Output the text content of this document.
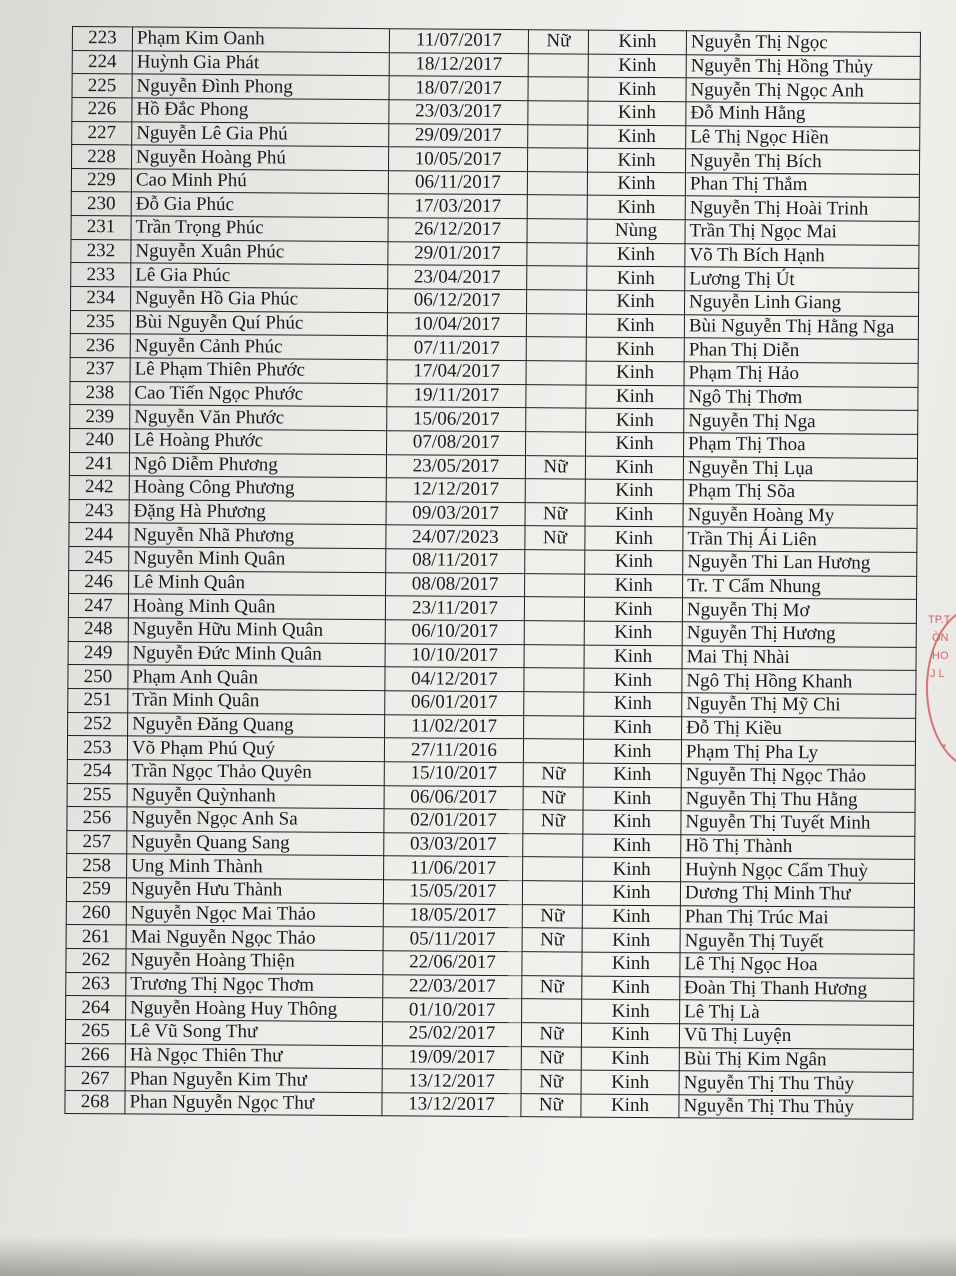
223	Phạm Kim Oanh	11/07/2017	Nữ	Kinh	Nguyễn Thị Ngọc
224	Huỳnh Gia Phát	18/12/2017		Kinh	Nguyễn Thị Hồng Thủy
225	Nguyễn Đình Phong	18/07/2017		Kinh	Nguyễn Thị Ngọc Anh
226	Hồ Đắc Phong	23/03/2017		Kinh	Đỗ Minh Hằng
227	Nguyễn Lê Gia Phú	29/09/2017		Kinh	Lê Thị Ngọc Hiền
228	Nguyễn Hoàng Phú	10/05/2017		Kinh	Nguyễn Thị Bích
229	Cao Minh Phú	06/11/2017		Kinh	Phan Thị Thắm
230	Đỗ Gia Phúc	17/03/2017		Kinh	Nguyễn Thị Hoài Trinh
231	Trần Trọng Phúc	26/12/2017		Nùng	Trần Thị Ngọc Mai
232	Nguyễn Xuân Phúc	29/01/2017		Kinh	Võ Th Bích Hạnh
233	Lê Gia Phúc	23/04/2017		Kinh	Lương Thị Út
234	Nguyễn Hồ Gia Phúc	06/12/2017		Kinh	Nguyễn Linh Giang
235	Bùi Nguyễn Quí Phúc	10/04/2017		Kinh	Bùi Nguyễn Thị Hằng Nga
236	Nguyễn Cảnh Phúc	07/11/2017		Kinh	Phan Thị Diễn
237	Lê Phạm Thiên Phước	17/04/2017		Kinh	Phạm Thị Hảo
238	Cao Tiến Ngọc Phước	19/11/2017		Kinh	Ngô Thị Thơm
239	Nguyễn Văn Phước	15/06/2017		Kinh	Nguyễn Thị Nga
240	Lê Hoàng Phước	07/08/2017		Kinh	Phạm Thị Thoa
241	Ngô Diễm Phương	23/05/2017	Nữ	Kinh	Nguyễn Thị Lụa
242	Hoàng Công Phương	12/12/2017		Kinh	Phạm Thị Sõa
243	Đặng Hà Phương	09/03/2017	Nữ	Kinh	Nguyễn Hoàng My
244	Nguyễn Nhã Phương	24/07/2023	Nữ	Kinh	Trần Thị Ái Liên
245	Nguyễn Minh Quân	08/11/2017		Kinh	Nguyễn Thi Lan Hương
246	Lê Minh Quân	08/08/2017		Kinh	Tr. T Cẩm Nhung
247	Hoàng Minh Quân	23/11/2017		Kinh	Nguyễn Thị Mơ
248	Nguyễn Hữu Minh Quân	06/10/2017		Kinh	Nguyễn Thị Hương
249	Nguyễn Đức Minh Quân	10/10/2017		Kinh	Mai Thị Nhài
250	Phạm Anh Quân	04/12/2017		Kinh	Ngô Thị Hồng Khanh
251	Trần Minh Quân	06/01/2017		Kinh	Nguyễn Thị Mỹ Chi
252	Nguyễn Đăng Quang	11/02/2017		Kinh	Đỗ Thị Kiều
253	Võ Phạm Phú Quý	27/11/2016		Kinh	Phạm Thị Pha Ly
254	Trần Ngọc Thảo Quyên	15/10/2017	Nữ	Kinh	Nguyễn Thị Ngọc Thảo
255	Nguyễn Quỳnhanh	06/06/2017	Nữ	Kinh	Nguyễn Thị Thu Hằng
256	Nguyễn Ngọc Anh Sa	02/01/2017	Nữ	Kinh	Nguyễn Thị Tuyết Minh
257	Nguyễn Quang Sang	03/03/2017		Kinh	Hồ Thị Thành
258	Ung Minh Thành	11/06/2017		Kinh	Huỳnh Ngọc Cẩm Thuỳ
259	Nguyễn Hưu Thành	15/05/2017		Kinh	Dương Thị Minh Thư
260	Nguyễn Ngọc Mai Thảo	18/05/2017	Nữ	Kinh	Phan Thị Trúc Mai
261	Mai Nguyễn Ngọc Thảo	05/11/2017	Nữ	Kinh	Nguyễn Thị Tuyết
262	Nguyễn Hoàng Thiện	22/06/2017		Kinh	Lê Thị Ngọc Hoa
263	Trương Thị Ngọc Thơm	22/03/2017	Nữ	Kinh	Đoàn Thị Thanh Hương
264	Nguyễn Hoàng Huy Thông	01/10/2017		Kinh	Lê Thị Là
265	Lê Vũ Song Thư	25/02/2017	Nữ	Kinh	Vũ Thị Luyện
266	Hà Ngọc Thiên Thư	19/09/2017	Nữ	Kinh	Bùi Thị Kim Ngân
267	Phan Nguyễn Kim Thư	13/12/2017	Nữ	Kinh	Nguyễn Thị Thu Thủy
268	Phan Nguyễn Ngọc Thư	13/12/2017	Nữ	Kinh	Nguyễn Thị Thu Thủy
TP.T
ÒN
HO
J L
*
